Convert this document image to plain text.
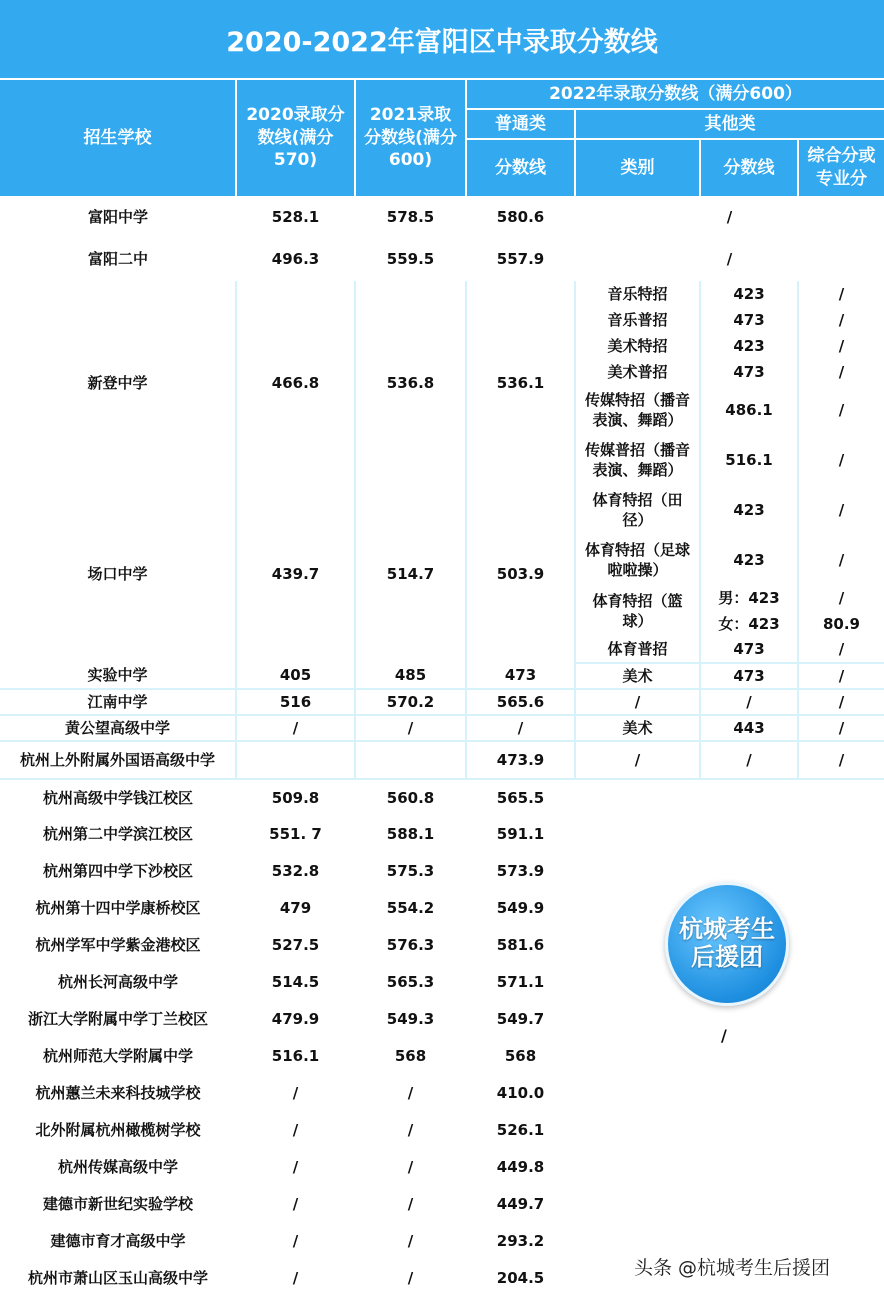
2020-2022年富阳区中录取分数线
招生学校
2020录取分数线(满分570)
2021录取分数线(满分600)
2022年录取分数线（满分600）
普通类	其他类
分数线	类别	分数线
综合分或专业分
富阳中学	528.1	578.5	580.6	/		
富阳二中	496.3	559.5	557.9	/		
新登中学	466.8	536.8	536.1	音乐特招	423	/
				音乐普招	473	/
				美术特招	423	/
				美术普招	473	/
				传媒特招（播音表演、舞蹈）	486.1	/
				传媒普招（播音表演、舞蹈）	516.1	/
场口中学	439.7	514.7	503.9	体育特招（田径）	423	/
				体育特招（足球啦啦操）	423	/
				体育特招（篮球）	男：423	/
					女：423	80.9
				体育普招	473	/
实验中学	405	485	473	美术	473	/
江南中学	516	570.2	565.6	/	/	/
黄公望高级中学	/	/	/	美术	443	/
杭州上外附属外国语高级中学			473.9	/	/	/
杭州高级中学钱江校区	509.8	560.8	565.5			
杭州第二中学滨江校区	551. 7	588.1	591.1			
杭州第四中学下沙校区	532.8	575.3	573.9			
杭州第十四中学康桥校区	479	554.2	549.9			
杭州学军中学紫金港校区	527.5	576.3	581.6			
杭州长河高级中学	514.5	565.3	571.1			
浙江大学附属中学丁兰校区	479.9	549.3	549.7			
杭州师范大学附属中学	516.1	568	568			
杭州蕙兰未来科技城学校	/	/	410.0			
北外附属杭州橄榄树学校	/	/	526.1			
杭州传媒高级中学	/	/	449.8			
建德市新世纪实验学校	/	/	449.7			
建德市育才高级中学	/	/	293.2			
杭州市萧山区玉山高级中学	/	/	204.5			
杭城考生
后援团
/
头条 @杭城考生后援团
